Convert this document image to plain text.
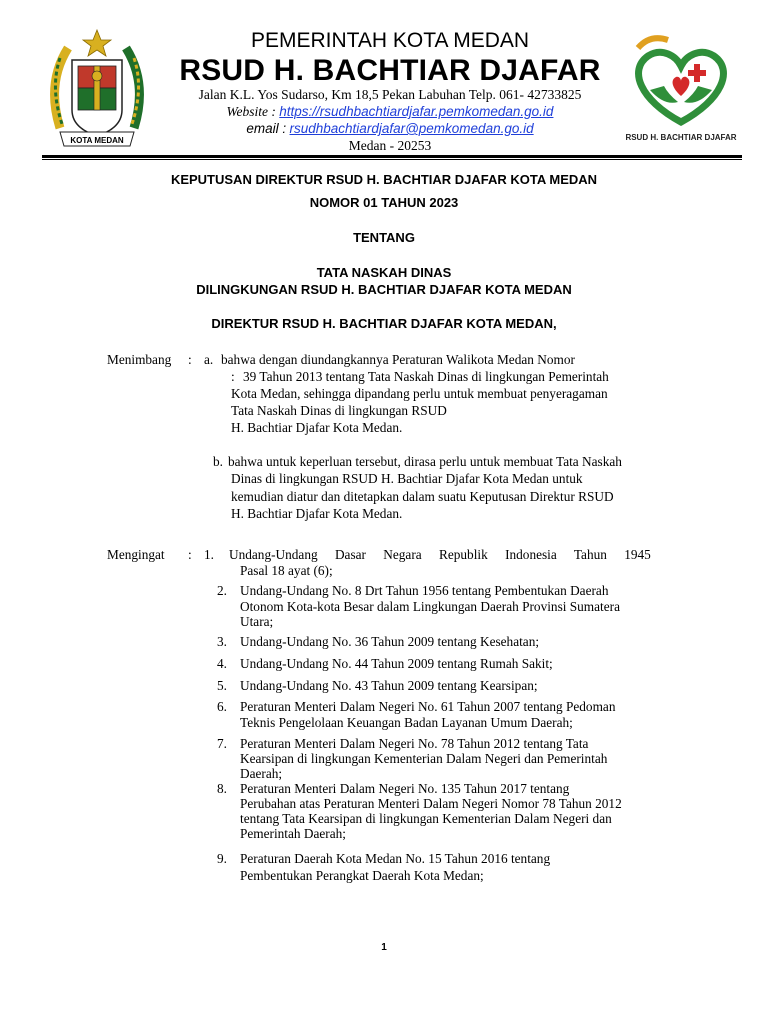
KOTA MEDAN
PEMERINTAH KOTA MEDAN
RSUD H. BACHTIAR DJAFAR
Jalan K.L. Yos Sudarso, Km 18,5 Pekan Labuhan Telp. 061- 42733825
Website : https://rsudhbachtiardjafar.pemkomedan.go.id
email : rsudhbachtiardjafar@pemkomedan.go.id
Medan - 20253
RSUD H. BACHTIAR DJAFAR
KEPUTUSAN DIREKTUR RSUD H. BACHTIAR DJAFAR KOTA MEDAN
NOMOR 01 TAHUN 2023
TENTANG
TATA NASKAH DINAS
DILINGKUNGAN RSUD H. BACHTIAR DJAFAR KOTA MEDAN
DIREKTUR RSUD H. BACHTIAR DJAFAR KOTA MEDAN,
Menimbang : a. bahwa dengan diundangkannya Peraturan Walikota Medan Nomor
: 39 Tahun 2013 tentang Tata Naskah Dinas di lingkungan Pemerintah
Kota Medan, sehingga dipandang perlu untuk membuat penyeragaman
Tata Naskah Dinas di lingkungan RSUD
H. Bachtiar Djafar Kota Medan.
b. bahwa untuk keperluan tersebut, dirasa perlu untuk membuat Tata Naskah
Dinas di lingkungan RSUD H. Bachtiar Djafar Kota Medan untuk
kemudian diatur dan ditetapkan dalam suatu Keputusan Direktur RSUD
H. Bachtiar Djafar Kota Medan.
Mengingat : 1. Undang-Undang Dasar Negara Republik Indonesia Tahun 1945
Pasal 18 ayat (6);
2. Undang-Undang No. 8 Drt Tahun 1956 tentang Pembentukan Daerah
Otonom Kota-kota Besar dalam Lingkungan Daerah Provinsi Sumatera
Utara;
3. Undang-Undang No. 36 Tahun 2009 tentang Kesehatan;
4. Undang-Undang No. 44 Tahun 2009 tentang Rumah Sakit;
5. Undang-Undang No. 43 Tahun 2009 tentang Kearsipan;
6. Peraturan Menteri Dalam Negeri No. 61 Tahun 2007 tentang Pedoman
Teknis Pengelolaan Keuangan Badan Layanan Umum Daerah;
7. Peraturan Menteri Dalam Negeri No. 78 Tahun 2012 tentang Tata
Kearsipan di lingkungan Kementerian Dalam Negeri dan Pemerintah
Daerah;
8. Peraturan Menteri Dalam Negeri No. 135 Tahun 2017 tentang
Perubahan atas Peraturan Menteri Dalam Negeri Nomor 78 Tahun 2012
tentang Tata Kearsipan di lingkungan Kementerian Dalam Negeri dan
Pemerintah Daerah;
9. Peraturan Daerah Kota Medan No. 15 Tahun 2016 tentang
Pembentukan Perangkat Daerah Kota Medan;
1
